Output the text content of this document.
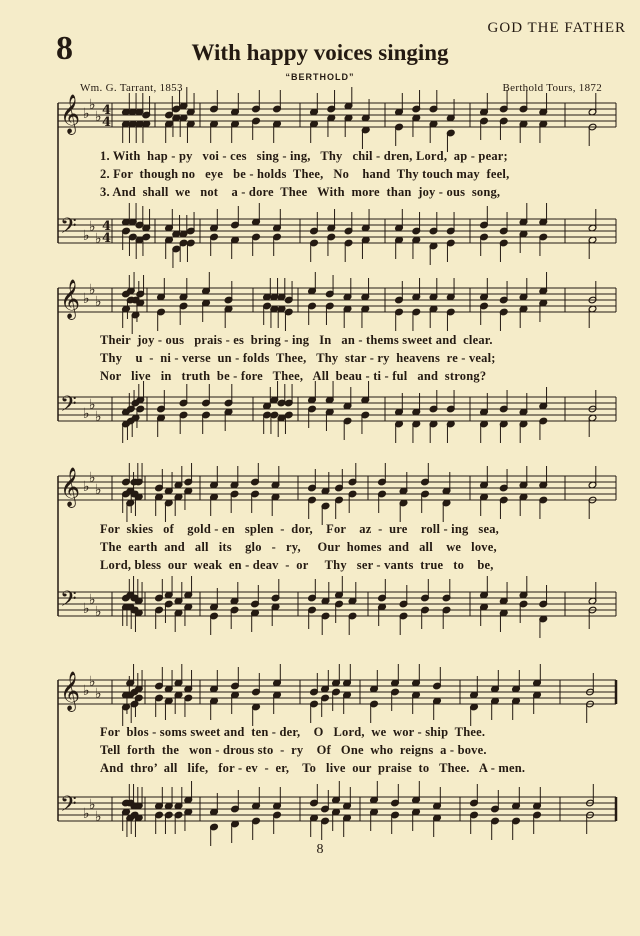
GOD THE FATHER
8	With happy voices singing
“BERTHOLD”
Wm. G. Tarrant, 1853	Berthold Tours, 1872
𝄞
𝄢
♭
♭
♭
♭
♭
♭
4
4
4
4
𝄞
𝄢
♭
♭
♭
♭
♭
♭
𝄞
𝄢
♭
♭
♭
♭
♭
♭
𝄞
𝄢
♭
♭
♭
♭
♭
♭
1. With  hap - py   voi - ces   sing - ing,   Thy   chil - dren, Lord,  ap - pear;
2. For  though no   eye   be - holds  Thee,   No    hand  Thy touch may  feel,
3. And  shall  we   not    a - dore  Thee   With  more  than  joy - ous  song,
Their  joy - ous   prais - es  bring - ing   In   an - thems sweet and  clear.
Thy    u  -  ni - verse  un - folds  Thee,   Thy  star - ry  heavens  re - veal;
Nor   live   in   truth  be - fore   Thee,   All  beau - ti - ful   and  strong?
For  skies   of    gold - en   splen  -  dor,    For    az  -  ure    roll - ing   sea,
The  earth  and   all   its    glo   -   ry,     Our  homes  and   all    we   love,
Lord, bless  our  weak  en - deav  -  or     Thy   ser - vants  true   to    be,
For  blos - soms sweet and  ten - der,    O   Lord,  we  wor - ship  Thee.
Tell  forth  the   won - drous sto  -  ry    Of   One  who  reigns  a - bove.
And  thro’  all   life,   for - ev  -  er,    To   live  our  praise  to   Thee.   A - men.
8
